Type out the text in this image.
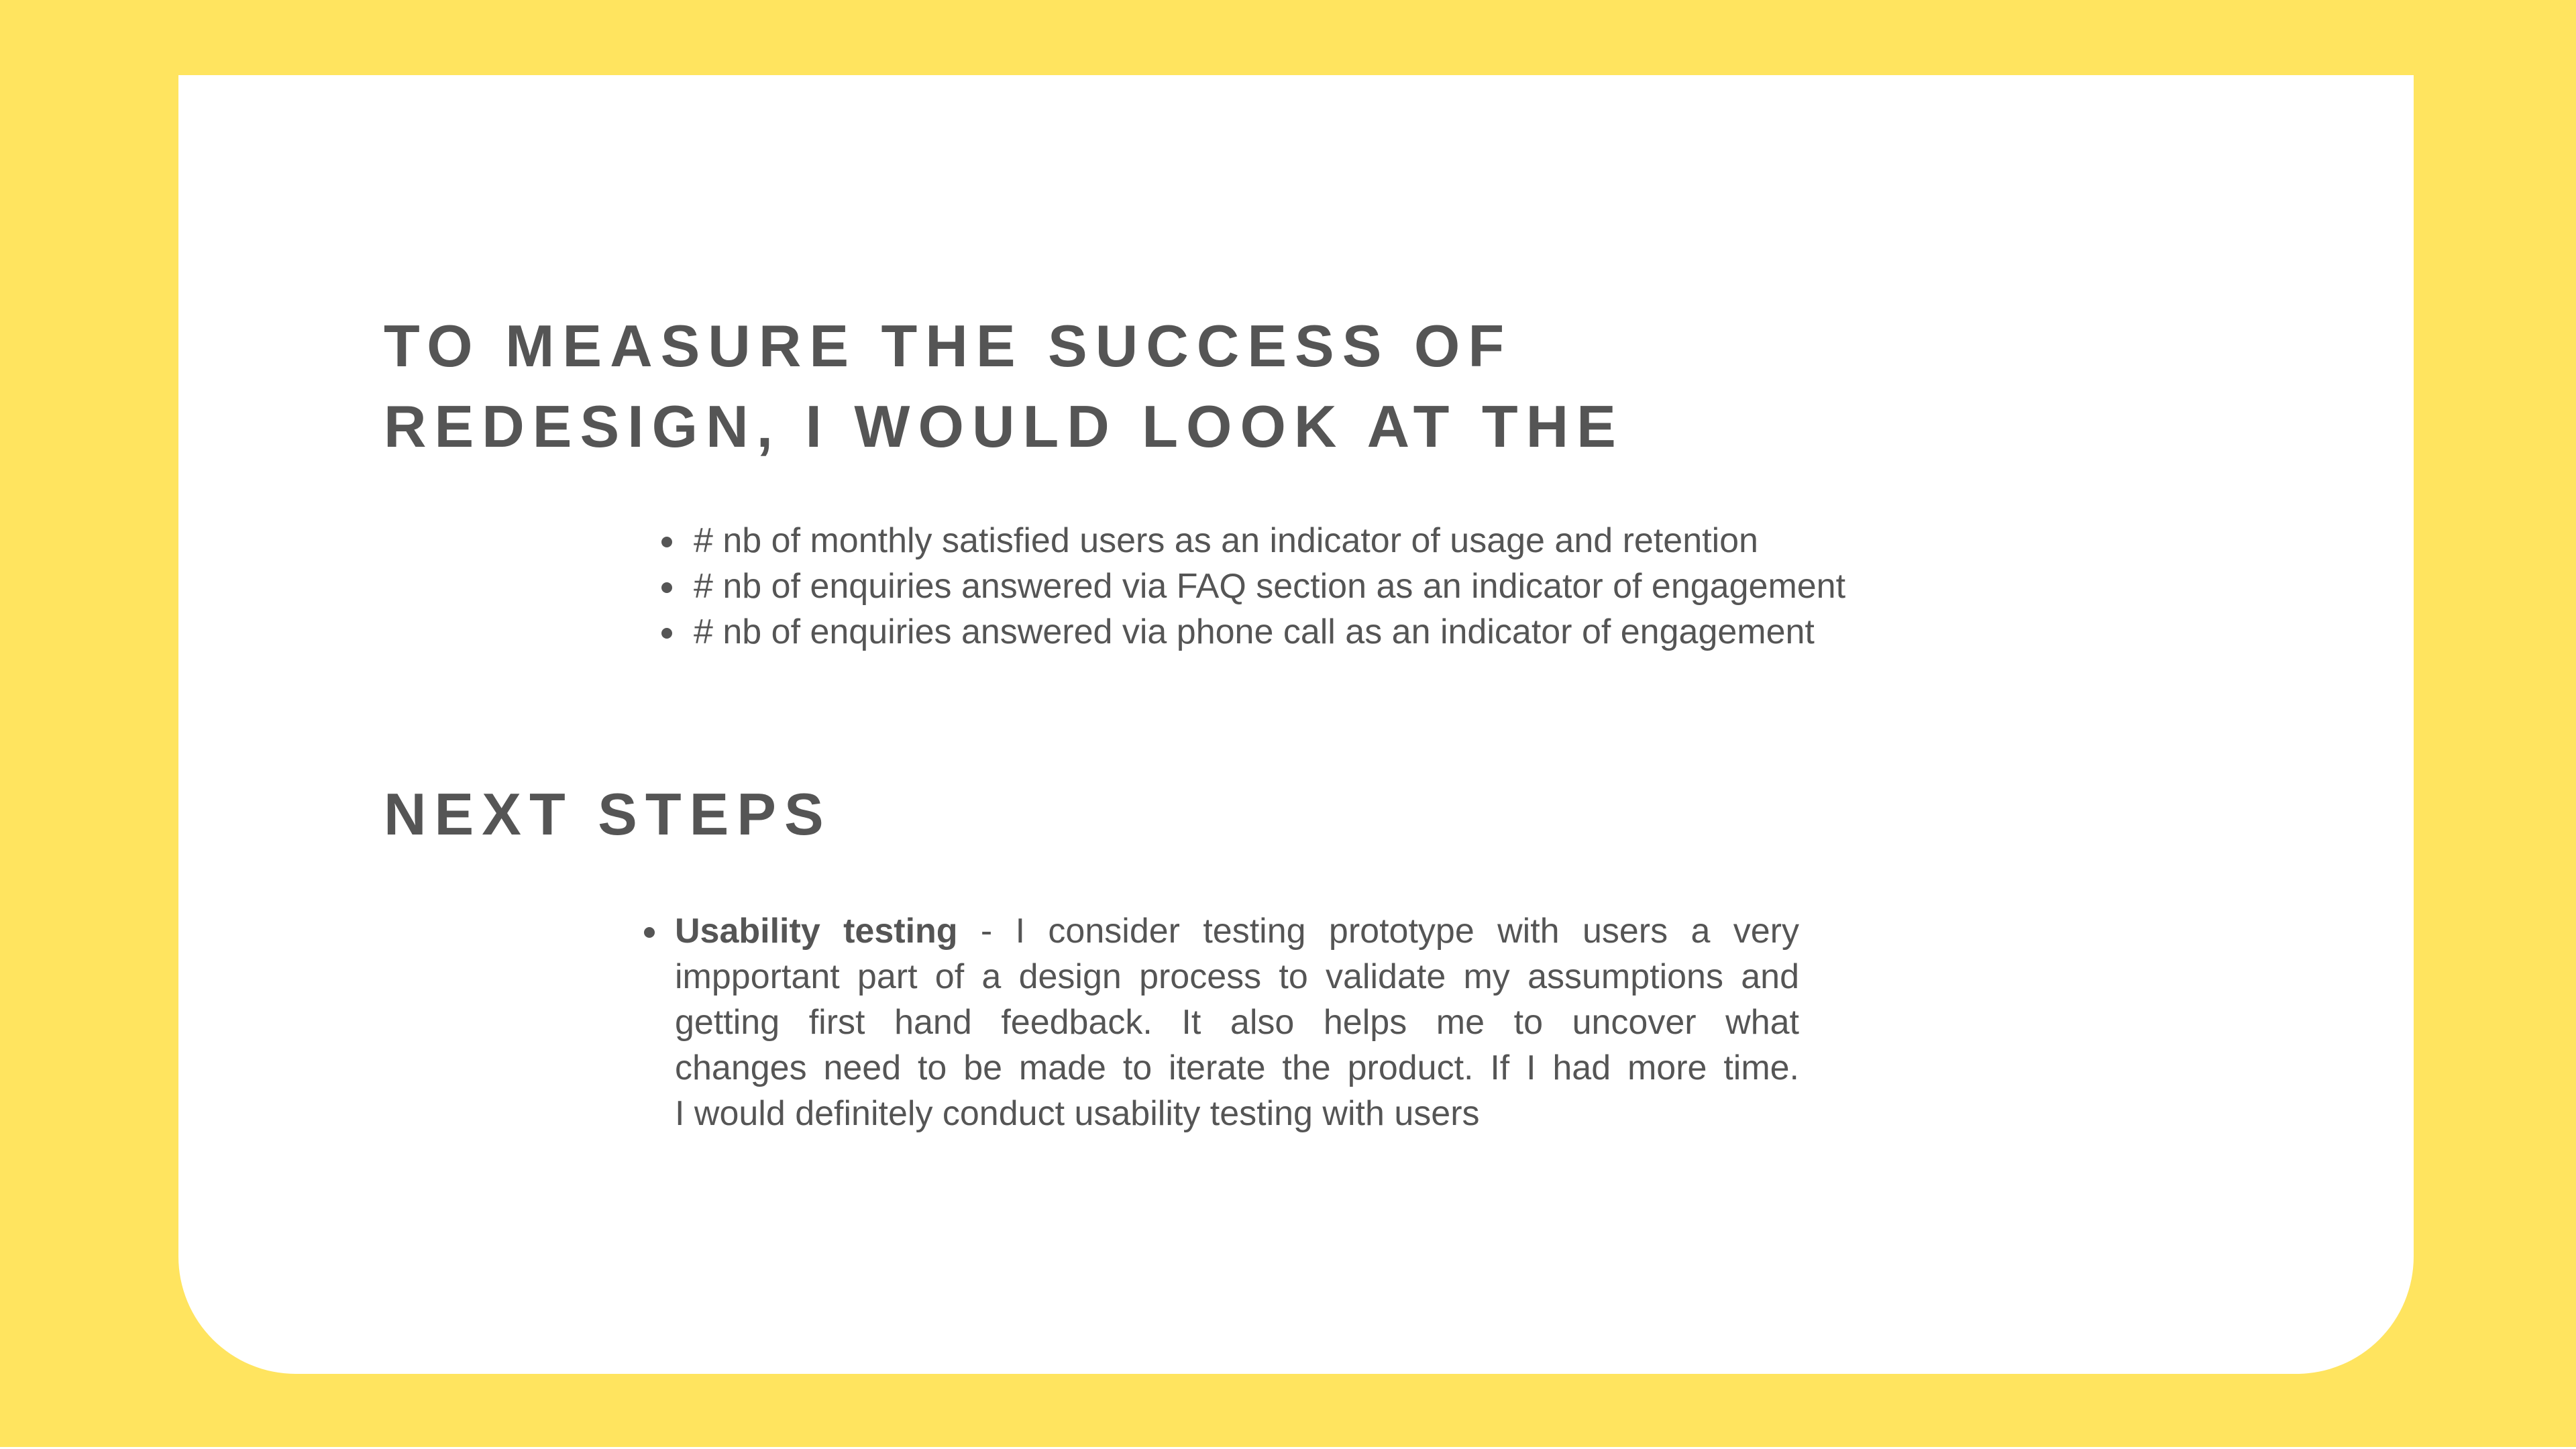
TO MEASURE THE SUCCESS OF
REDESIGN, I WOULD LOOK AT THE
# nb of monthly satisfied users as an indicator of usage and retention
# nb of enquiries answered via FAQ section as an indicator of engagement
# nb of enquiries answered via phone call as an indicator of engagement
NEXT STEPS
Usability testing - I consider testing prototype with users a very
impportant part of a design process to validate my assumptions and
getting first hand feedback. It also helps me to uncover what
changes need to be made to iterate the product. If I had more time.
I would definitely conduct usability testing with users
